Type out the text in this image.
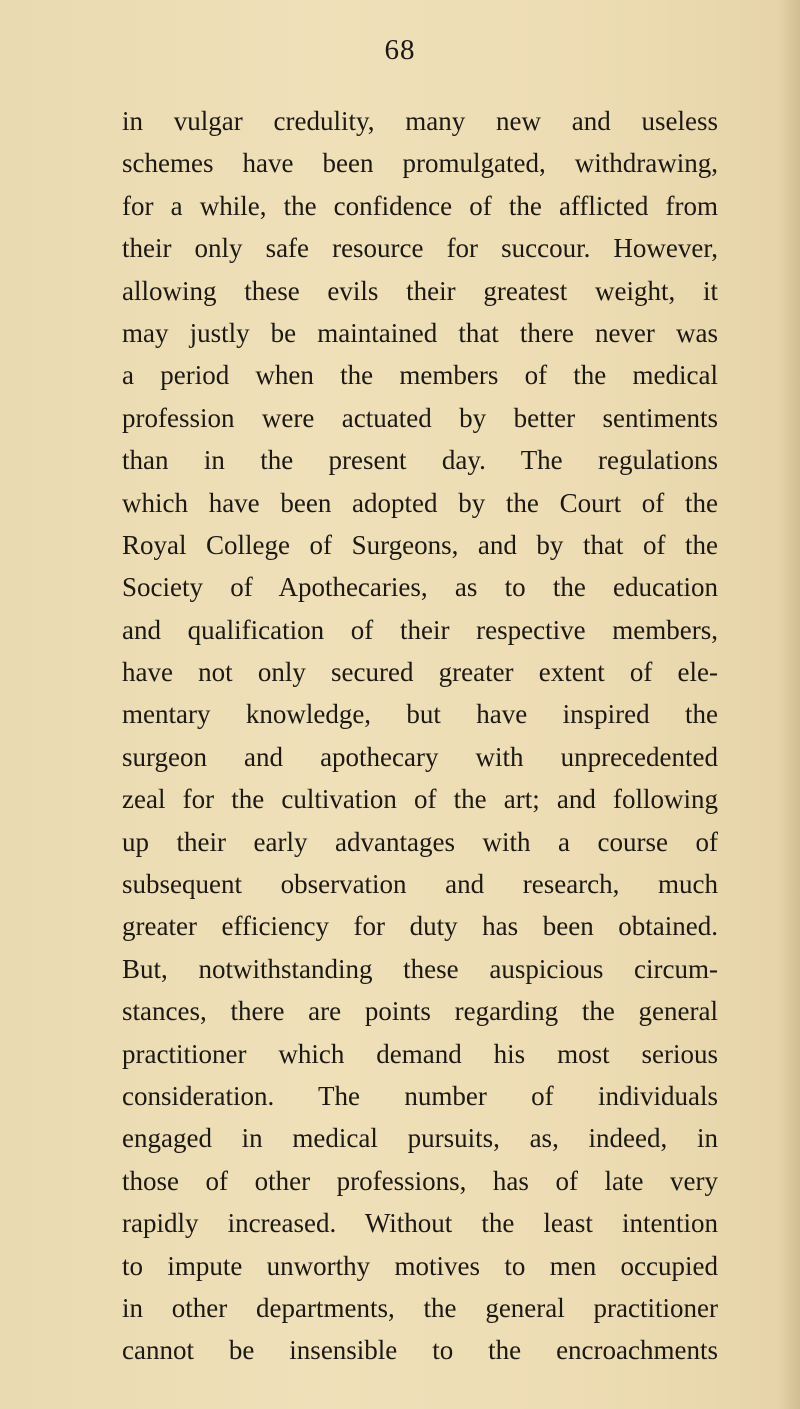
68
in vulgar credulity, many new and useless
schemes have been promulgated, withdrawing,
for a while, the confidence of the afflicted from
their only safe resource for succour. However,
allowing these evils their greatest weight, it
may justly be maintained that there never was
a period when the members of the medical
profession were actuated by better sentiments
than in the present day. The regulations
which have been adopted by the Court of the
Royal College of Surgeons, and by that of the
Society of Apothecaries, as to the education
and qualification of their respective members,
have not only secured greater extent of ele-
mentary knowledge, but have inspired the
surgeon and apothecary with unprecedented
zeal for the cultivation of the art; and following
up their early advantages with a course of
subsequent observation and research, much
greater efficiency for duty has been obtained.
But, notwithstanding these auspicious circum-
stances, there are points regarding the general
practitioner which demand his most serious
consideration. The number of individuals
engaged in medical pursuits, as, indeed, in
those of other professions, has of late very
rapidly increased. Without the least intention
to impute unworthy motives to men occupied
in other departments, the general practitioner
cannot be insensible to the encroachments
